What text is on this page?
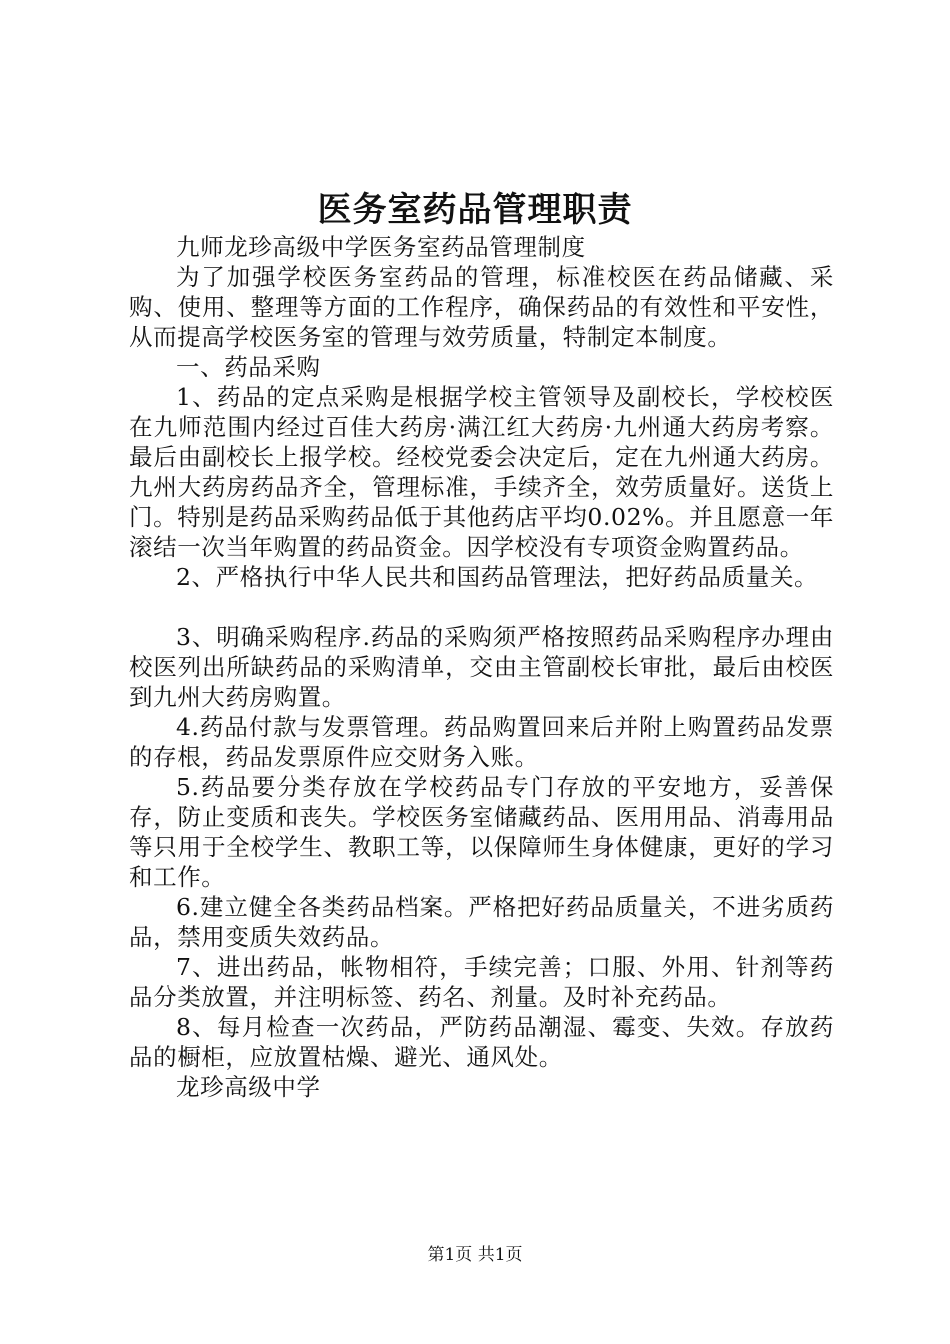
医务室药品管理职责

九师龙珍高级中学医务室药品管理制度

为了加强学校医务室药品的管理，标准校医在药品储藏、采购、使用、整理等方面的工作程序，确保药品的有效性和平安性，从而提高学校医务室的管理与效劳质量，特制定本制度。

一、药品采购

1、药品的定点采购是根据学校主管领导及副校长，学校校医在九师范围内经过百佳大药房·满江红大药房·九州通大药房考察。最后由副校长上报学校。经校党委会决定后，定在九州通大药房。九州大药房药品齐全，管理标准，手续齐全，效劳质量好。送货上门。特别是药品采购药品低于其他药店平均0.02%。并且愿意一年滚结一次当年购置的药品资金。因学校没有专项资金购置药品。

2、严格执行中华人民共和国药品管理法，把好药品质量关。

3、明确采购程序.药品的采购须严格按照药品采购程序办理由校医列出所缺药品的采购清单，交由主管副校长审批，最后由校医到九州大药房购置。

4.药品付款与发票管理。药品购置回来后并附上购置药品发票的存根，药品发票原件应交财务入账。

5.药品要分类存放在学校药品专门存放的平安地方，妥善保存，防止变质和丧失。学校医务室储藏药品、医用用品、消毒用品等只用于全校学生、教职工等，以保障师生身体健康，更好的学习和工作。

6.建立健全各类药品档案。严格把好药品质量关，不进劣质药品，禁用变质失效药品。

7、进出药品，帐物相符，手续完善；口服、外用、针剂等药品分类放置，并注明标签、药名、剂量。及时补充药品。

8、每月检查一次药品，严防药品潮湿、霉变、失效。存放药品的橱柜，应放置枯燥、避光、通风处。

龙珍高级中学

第1页 共1页
